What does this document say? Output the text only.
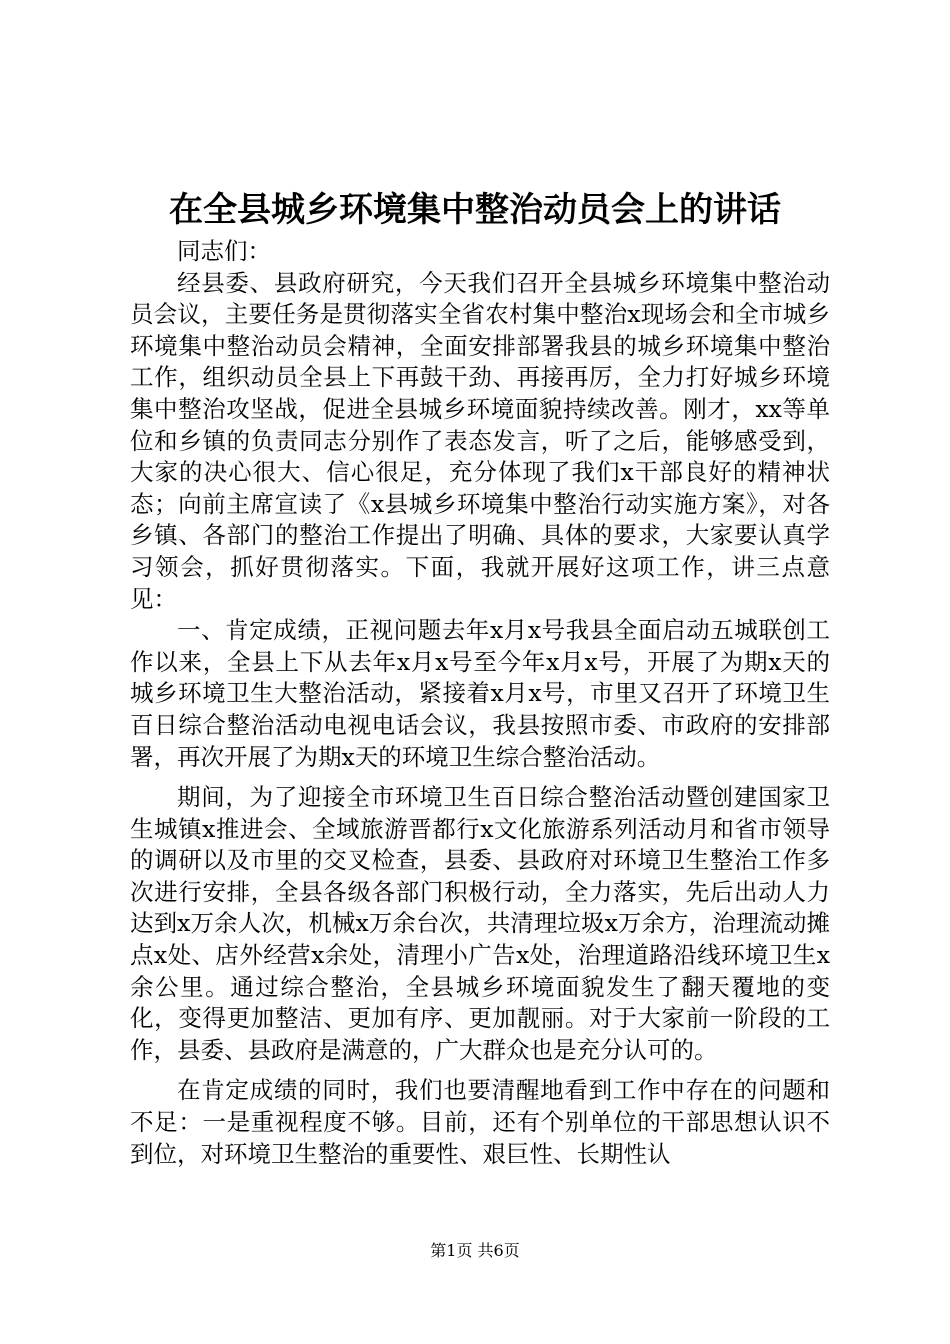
在全县城乡环境集中整治动员会上的讲话

同志们：

经县委、县政府研究，今天我们召开全县城乡环境集中整治动员会议，主要任务是贯彻落实全省农村集中整治x现场会和全市城乡环境集中整治动员会精神，全面安排部署我县的城乡环境集中整治工作，组织动员全县上下再鼓干劲、再接再厉，全力打好城乡环境集中整治攻坚战，促进全县城乡环境面貌持续改善。刚才，xx等单位和乡镇的负责同志分别作了表态发言，听了之后，能够感受到，大家的决心很大、信心很足，充分体现了我们x干部良好的精神状态；向前主席宣读了《x县城乡环境集中整治行动实施方案》，对各乡镇、各部门的整治工作提出了明确、具体的要求，大家要认真学习领会，抓好贯彻落实。下面，我就开展好这项工作，讲三点意见：

一、肯定成绩，正视问题去年x月x号我县全面启动五城联创工作以来，全县上下从去年x月x号至今年x月x号，开展了为期x天的城乡环境卫生大整治活动，紧接着x月x号，市里又召开了环境卫生百日综合整治活动电视电话会议，我县按照市委、市政府的安排部署，再次开展了为期x天的环境卫生综合整治活动。

期间，为了迎接全市环境卫生百日综合整治活动暨创建国家卫生城镇x推进会、全域旅游晋都行x文化旅游系列活动月和省市领导的调研以及市里的交叉检查，县委、县政府对环境卫生整治工作多次进行安排，全县各级各部门积极行动，全力落实，先后出动人力达到x万余人次，机械x万余台次，共清理垃圾x万余方，治理流动摊点x处、店外经营x余处，清理小广告x处，治理道路沿线环境卫生x余公里。通过综合整治，全县城乡环境面貌发生了翻天覆地的变化，变得更加整洁、更加有序、更加靓丽。对于大家前一阶段的工作，县委、县政府是满意的，广大群众也是充分认可的。

在肯定成绩的同时，我们也要清醒地看到工作中存在的问题和不足：一是重视程度不够。目前，还有个别单位的干部思想认识不到位，对环境卫生整治的重要性、艰巨性、长期性认

第1页 共6页
